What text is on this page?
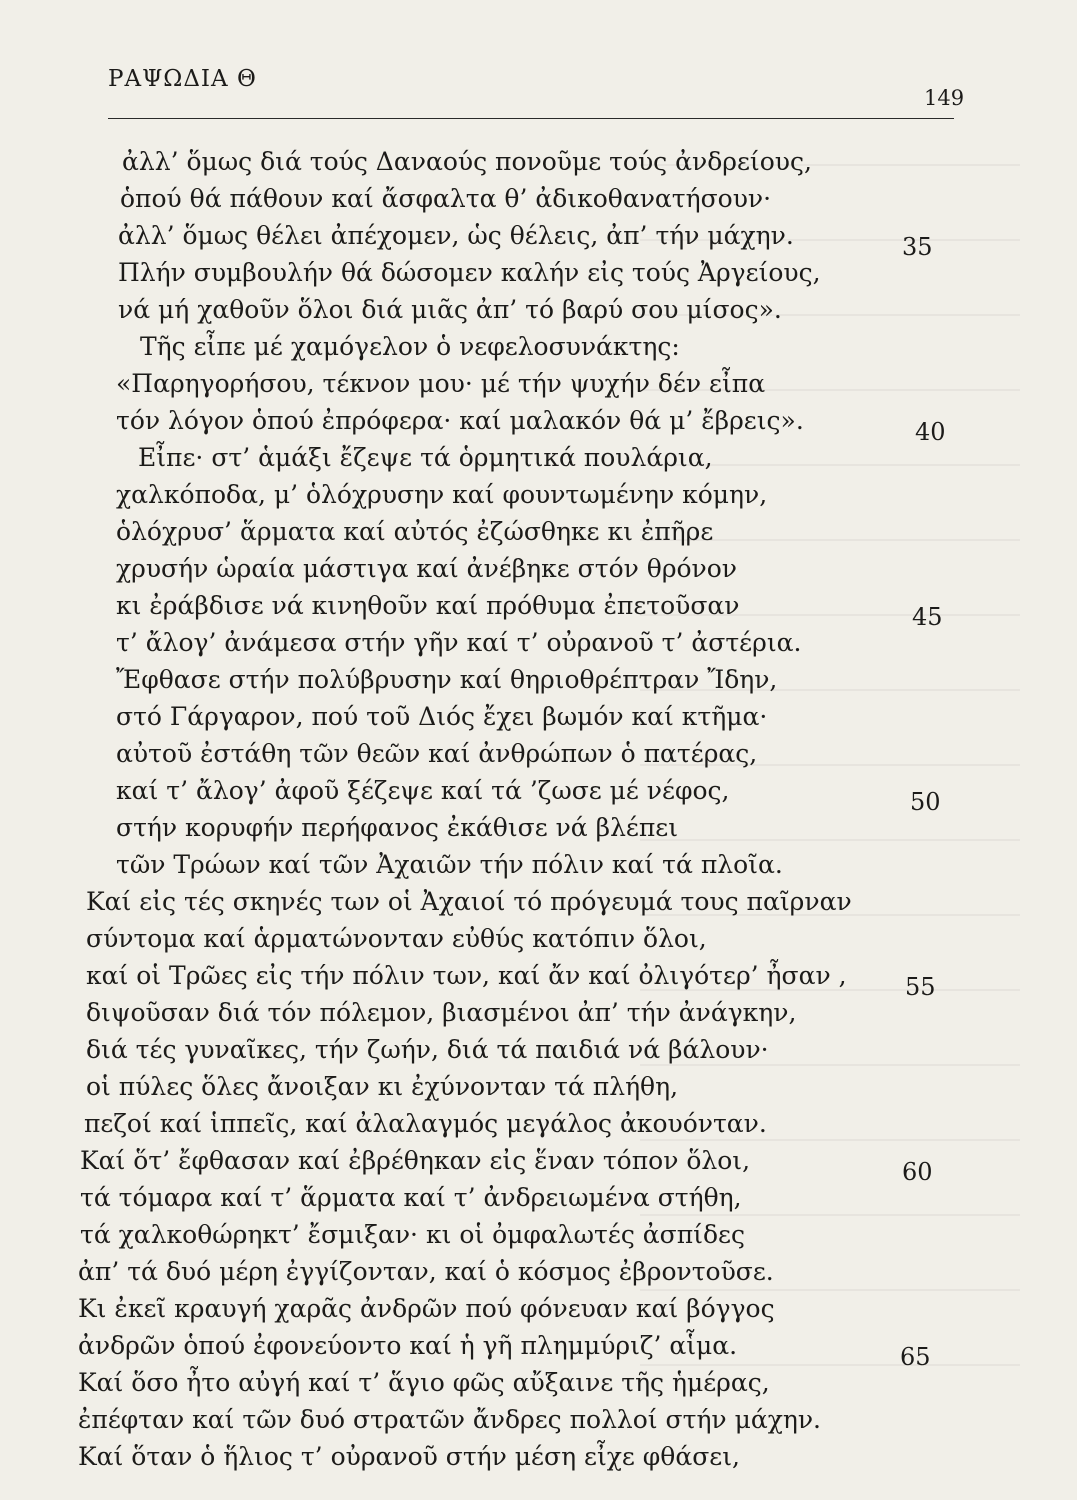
ΡΑΨΩΔΙΑ Θ
149
ἀλλ’ ὅμως διά τούς Δαναούς πονοῦμε τούς ἀνδρείους,
ὁπού θά πάθουν καί ἄσφαλτα θ’ ἀδικοθανατήσουν·
ἀλλ’ ὅμως θέλει ἀπέχομεν, ὡς θέλεις, ἀπ’ τήν μάχην.	35
Πλήν συμβουλήν θά δώσομεν καλήν εἰς τούς Ἀργείους,
νά μή χαθοῦν ὅλοι διά μιᾶς ἀπ’ τό βαρύ σου μίσος».
Τῆς εἶπε μέ χαμόγελον ὁ νεφελοσυνάκτης:
«Παρηγορήσου, τέκνον μου· μέ τήν ψυχήν δέν εἶπα
τόν λόγον ὁπού ἐπρόφερα· καί μαλακόν θά μ’ ἔβρεις».	40
Εἶπε· στ’ ἁμάξι ἔζεψε τά ὁρμητικά πουλάρια,
χαλκόποδα, μ’ ὁλόχρυσην καί φουντωμένην κόμην,
ὁλόχρυσ’ ἅρματα καί αὐτός ἐζώσθηκε κι ἐπῆρε
χρυσήν ὡραία μάστιγα καί ἀνέβηκε στόν θρόνον
κι ἐράβδισε νά κινηθοῦν καί πρόθυμα ἐπετοῦσαν	45
τ’ ἄλογ’ ἀνάμεσα στήν γῆν καί τ’ οὐρανοῦ τ’ ἀστέρια.
Ἔφθασε στήν πολύβρυσην καί θηριοθρέπτραν Ἴδην,
στό Γάργαρον, πού τοῦ Διός ἔχει βωμόν καί κτῆμα·
αὐτοῦ ἐστάθη τῶν θεῶν καί ἀνθρώπων ὁ πατέρας,
καί τ’ ἄλογ’ ἀφοῦ ξέζεψε καί τά ’ζωσε μέ νέφος,	50
στήν κορυφήν περήφανος ἐκάθισε νά βλέπει
τῶν Τρώων καί τῶν Ἀχαιῶν τήν πόλιν καί τά πλοῖα.
Καί εἰς τές σκηνές των οἱ Ἀχαιοί τό πρόγευμά τους παῖρναν
σύντομα καί ἁρματώνονταν εὐθύς κατόπιν ὅλοι,
καί οἱ Τρῶες εἰς τήν πόλιν των, καί ἄν καί ὀλιγότερ’ ἦσαν , 55
διψοῦσαν διά τόν πόλεμον, βιασμένοι ἀπ’ τήν ἀνάγκην,
διά τές γυναῖκες, τήν ζωήν, διά τά παιδιά νά βάλουν·
οἱ πύλες ὅλες ἄνοιξαν κι ἐχύνονταν τά πλήθη,
πεζοί καί ἱππεῖς, καί ἀλαλαγμός μεγάλος ἀκουόνταν.
Καί ὅτ’ ἔφθασαν καί ἐβρέθηκαν εἰς ἕναν τόπον ὅλοι,	60
τά τόμαρα καί τ’ ἅρματα καί τ’ ἀνδρειωμένα στήθη,
τά χαλκοθώρηκτ’ ἔσμιξαν· κι οἱ ὀμφαλωτές ἀσπίδες
ἀπ’ τά δυό μέρη ἐγγίζονταν, καί ὁ κόσμος ἐβροντοῦσε.
Κι ἐκεῖ κραυγή χαρᾶς ἀνδρῶν πού φόνευαν καί βόγγος
ἀνδρῶν ὁπού ἐφονεύοντο καί ἡ γῆ πλημμύριζ’ αἷμα.	65
Καί ὅσο ἦτο αὐγή καί τ’ ἅγιο φῶς αὔξαινε τῆς ἡμέρας,
ἐπέφταν καί τῶν δυό στρατῶν ἄνδρες πολλοί στήν μάχην.
Καί ὅταν ὁ ἥλιος τ’ οὐρανοῦ στήν μέση εἶχε φθάσει,
